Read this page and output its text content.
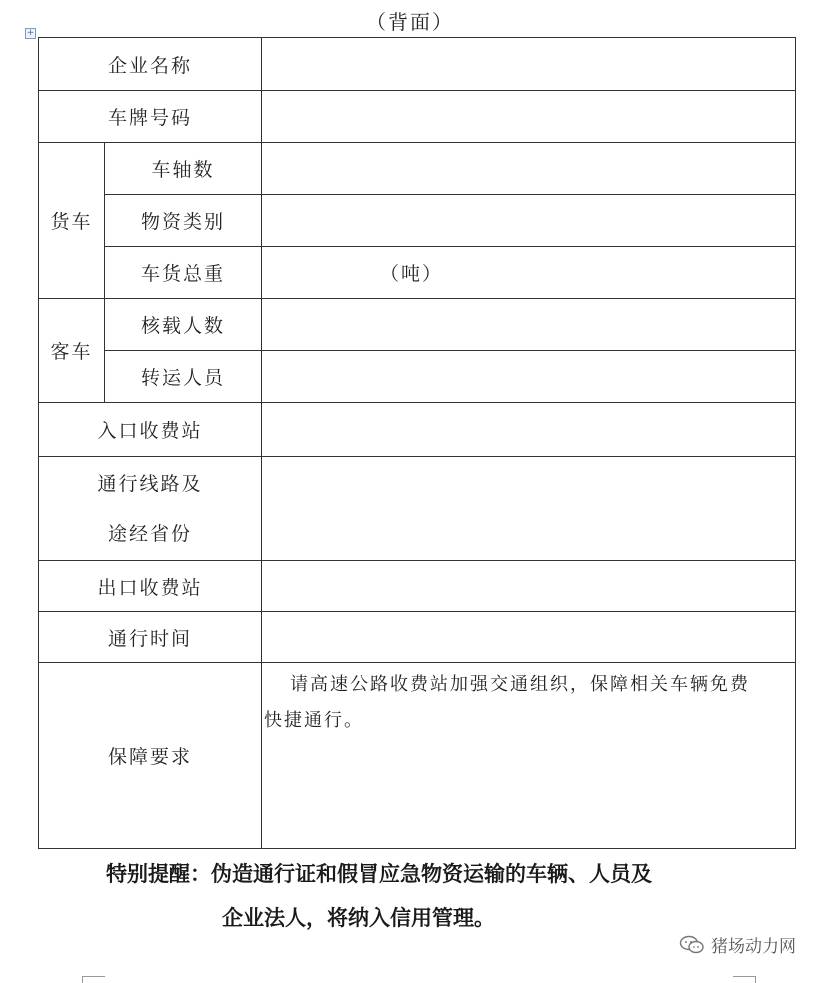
（背面）
+
企业名称		
车牌号码		
货车	车轴数	
	物资类别	
	车货总重	（吨）
客车	核载人数	
	转运人员	
入口收费站		

通行线路及
途经省份		

出口收费站		
通行时间		
保障要求		请高速公路收费站加强交通组织，保障相关车辆免费
快捷通行。
特别提醒：伪造通行证和假冒应急物资运输的车辆、人员及
企业法人，将纳入信用管理。
猪场动力网
